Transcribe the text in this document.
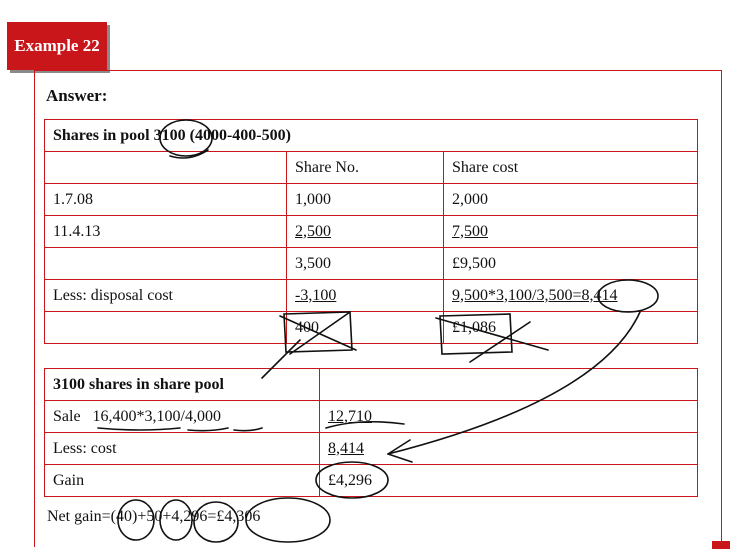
Example 22
Answer:
Shares in pool 3100 (4000-400-500)		
	Share No.	Share cost
1.7.08	1,000	2,000
11.4.13	2,500	7,500
	3,500	£9,500
Less: disposal cost	-3,100	9,500*3,100/3,500=8,414
	400	£1,086
3100 shares in share pool	
Sale 16,400*3,100/4,000	12,710
Less: cost	8,414
Gain	£4,296
Net gain=(40)+50+4,296=£4,306
